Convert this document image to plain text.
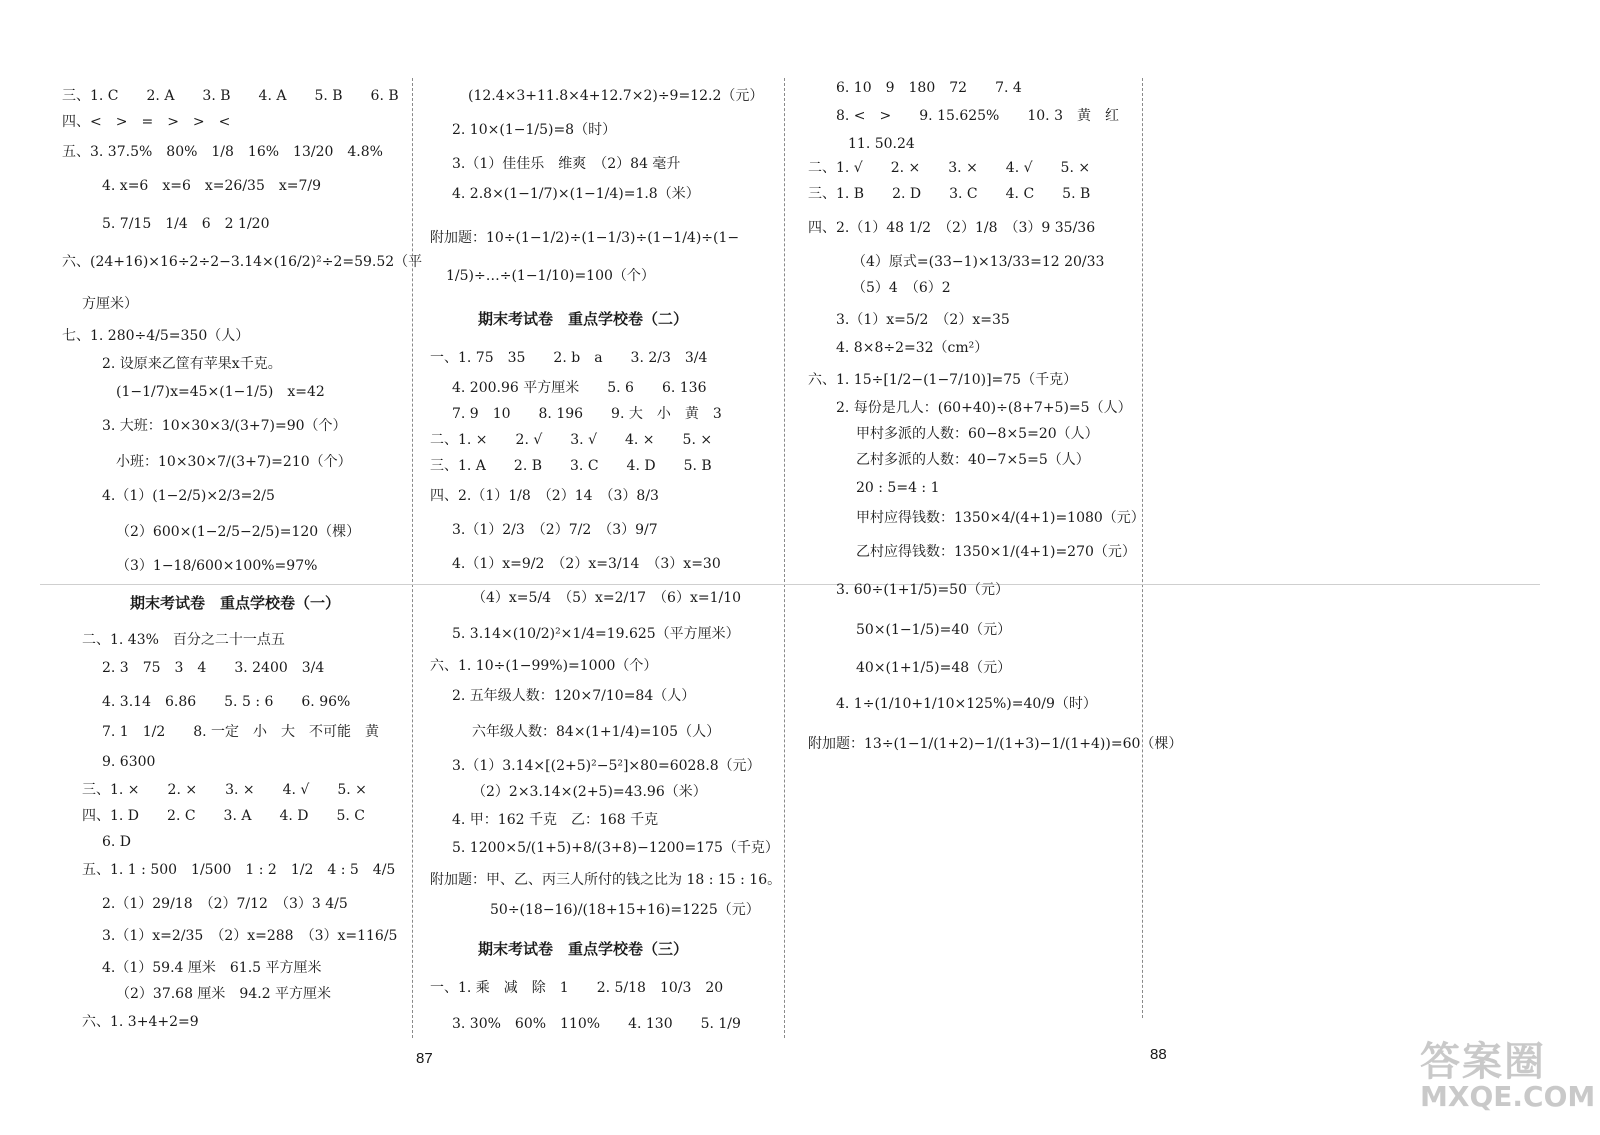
三、1. C　　2. A　　3. B　　4. A　　5. B　　6. B
四、<　>　=　>　>　<
五、3. 37.5%　80%　1/8　16%　13/20　4.8%
4. x=6　x=6　x=26/35　x=7/9
5. 7/15　1/4　6　2 1/20
六、(24+16)×16÷2÷2−3.14×(16/2)²÷2=59.52（平
方厘米）
七、1. 280÷4/5=350（人）
2. 设原来乙筐有苹果x千克。
(1−1/7)x=45×(1−1/5)　x=42
3. 大班：10×30×3/(3+7)=90（个）
小班：10×30×7/(3+7)=210（个）
4.（1）(1−2/5)×2/3=2/5
（2）600×(1−2/5−2/5)=120（棵）
（3）1−18/600×100%=97%
期末考试卷　重点学校卷（一）
二、1. 43%　百分之二十一点五
2. 3　75　3　4　　3. 2400　3/4
4. 3.14　6.86　　5. 5 : 6　　6. 96%
7. 1　1/2　　8. 一定　小　大　不可能　黄
9. 6300
三、1. ×　　2. ×　　3. ×　　4. √　　5. ×
四、1. D　　2. C　　3. A　　4. D　　5. C
6. D
五、1. 1 : 500　1/500　1 : 2　1/2　4 : 5　4/5
2.（1）29/18　（2）7/12　（3）3 4/5
3.（1）x=2/35　（2）x=288　（3）x=116/5
4.（1）59.4 厘米　61.5 平方厘米
（2）37.68 厘米　94.2 平方厘米
六、1. 3+4+2=9
(12.4×3+11.8×4+12.7×2)÷9=12.2（元）
2. 10×(1−1/5)=8（时）
3.（1）佳佳乐　维爽　（2）84 毫升
4. 2.8×(1−1/7)×(1−1/4)=1.8（米）
附加题：10÷(1−1/2)÷(1−1/3)÷(1−1/4)÷(1−
1/5)÷…÷(1−1/10)=100（个）
期末考试卷　重点学校卷（二）
一、1. 75　35　　2. b　a　　3. 2/3　3/4
4. 200.96 平方厘米　　5. 6　　6. 136
7. 9　10　　8. 196　　9. 大　小　黄　3
二、1. ×　　2. √　　3. √　　4. ×　　5. ×
三、1. A　　2. B　　3. C　　4. D　　5. B
四、2.（1）1/8　（2）14　（3）8/3
3.（1）2/3　（2）7/2　（3）9/7
4.（1）x=9/2　（2）x=3/14　（3）x=30
（4）x=5/4　（5）x=2/17　（6）x=1/10
5. 3.14×(10/2)²×1/4=19.625（平方厘米）
六、1. 10÷(1−99%)=1000（个）
2. 五年级人数：120×7/10=84（人）
六年级人数：84×(1+1/4)=105（人）
3.（1）3.14×[(2+5)²−5²]×80=6028.8（元）
（2）2×3.14×(2+5)=43.96（米）
4. 甲：162 千克　乙：168 千克
5. 1200×5/(1+5)+8/(3+8)−1200=175（千克）
附加题：甲、乙、丙三人所付的钱之比为 18 : 15 : 16。
50÷(18−16)/(18+15+16)=1225（元）
期末考试卷　重点学校卷（三）
一、1. 乘　减　除　1　　2. 5/18　10/3　20
3. 30%　60%　110%　　4. 130　　5. 1/9
6. 10　9　180　72　　7. 4
8. <　>　　9. 15.625%　　10. 3　黄　红
11. 50.24
二、1. √　　2. ×　　3. ×　　4. √　　5. ×
三、1. B　　2. D　　3. C　　4. C　　5. B
四、2.（1）48 1/2　（2）1/8　（3）9 35/36
（4）原式=(33−1)×13/33=12 20/33
（5）4　（6）2
3.（1）x=5/2　（2）x=35
4. 8×8÷2=32（cm²）
六、1. 15÷[1/2−(1−7/10)]=75（千克）
2. 每份是几人：(60+40)÷(8+7+5)=5（人）
甲村多派的人数：60−8×5=20（人）
乙村多派的人数：40−7×5=5（人）
20 : 5=4 : 1
甲村应得钱数：1350×4/(4+1)=1080（元）
乙村应得钱数：1350×1/(4+1)=270（元）
3. 60÷(1+1/5)=50（元）
50×(1−1/5)=40（元）
40×(1+1/5)=48（元）
4. 1÷(1/10+1/10×125%)=40/9（时）
附加题：13÷(1−1/(1+2)−1/(1+3)−1/(1+4))=60（棵）
87	88	答案圈
MXQE.COM
